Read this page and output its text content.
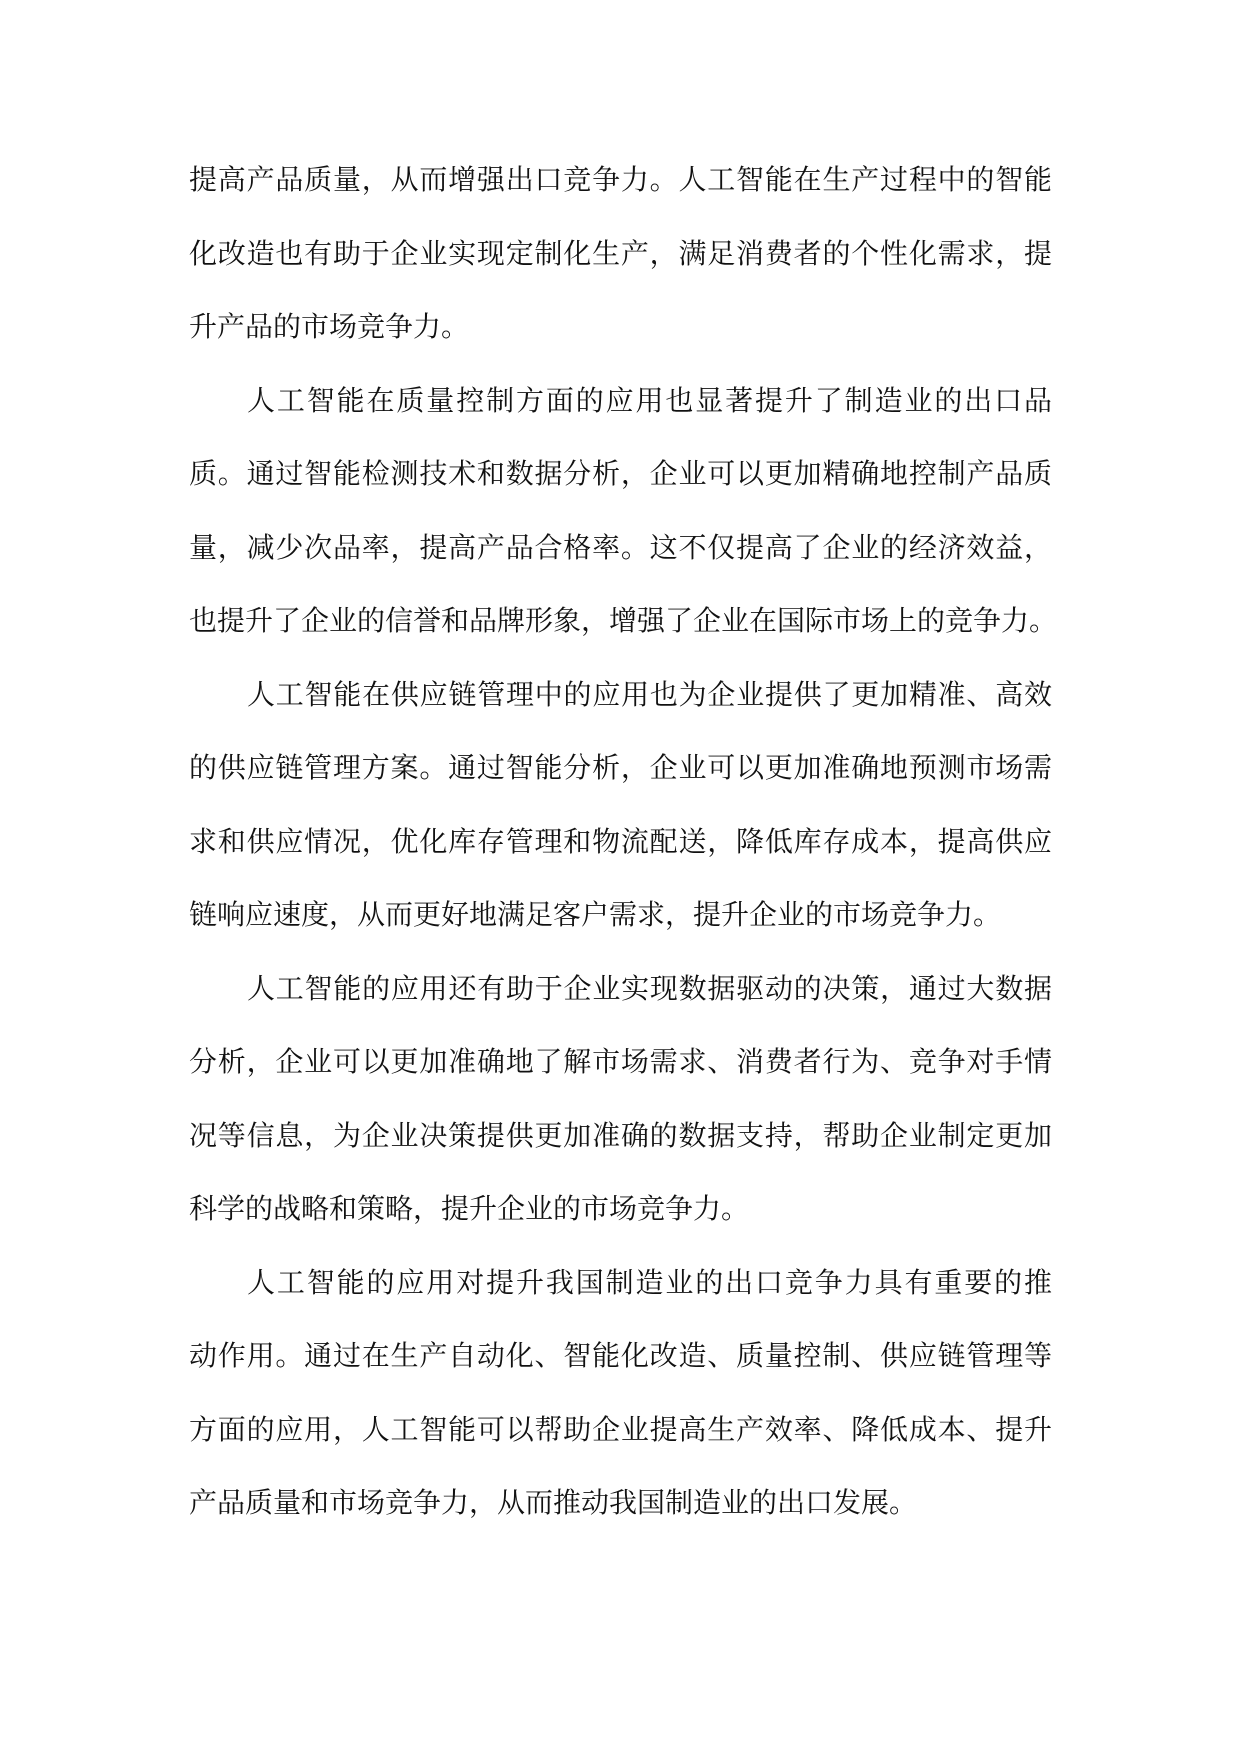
提高产品质量，从而增强出口竞争力。人工智能在生产过程中的智能
化改造也有助于企业实现定制化生产，满足消费者的个性化需求，提
升产品的市场竞争力。
人工智能在质量控制方面的应用也显著提升了制造业的出口品
质。通过智能检测技术和数据分析，企业可以更加精确地控制产品质
量，减少次品率，提高产品合格率。这不仅提高了企业的经济效益，
也提升了企业的信誉和品牌形象，增强了企业在国际市场上的竞争力。
人工智能在供应链管理中的应用也为企业提供了更加精准、高效
的供应链管理方案。通过智能分析，企业可以更加准确地预测市场需
求和供应情况，优化库存管理和物流配送，降低库存成本，提高供应
链响应速度，从而更好地满足客户需求，提升企业的市场竞争力。
人工智能的应用还有助于企业实现数据驱动的决策，通过大数据
分析，企业可以更加准确地了解市场需求、消费者行为、竞争对手情
况等信息，为企业决策提供更加准确的数据支持，帮助企业制定更加
科学的战略和策略，提升企业的市场竞争力。
人工智能的应用对提升我国制造业的出口竞争力具有重要的推
动作用。通过在生产自动化、智能化改造、质量控制、供应链管理等
方面的应用，人工智能可以帮助企业提高生产效率、降低成本、提升
产品质量和市场竞争力，从而推动我国制造业的出口发展。
